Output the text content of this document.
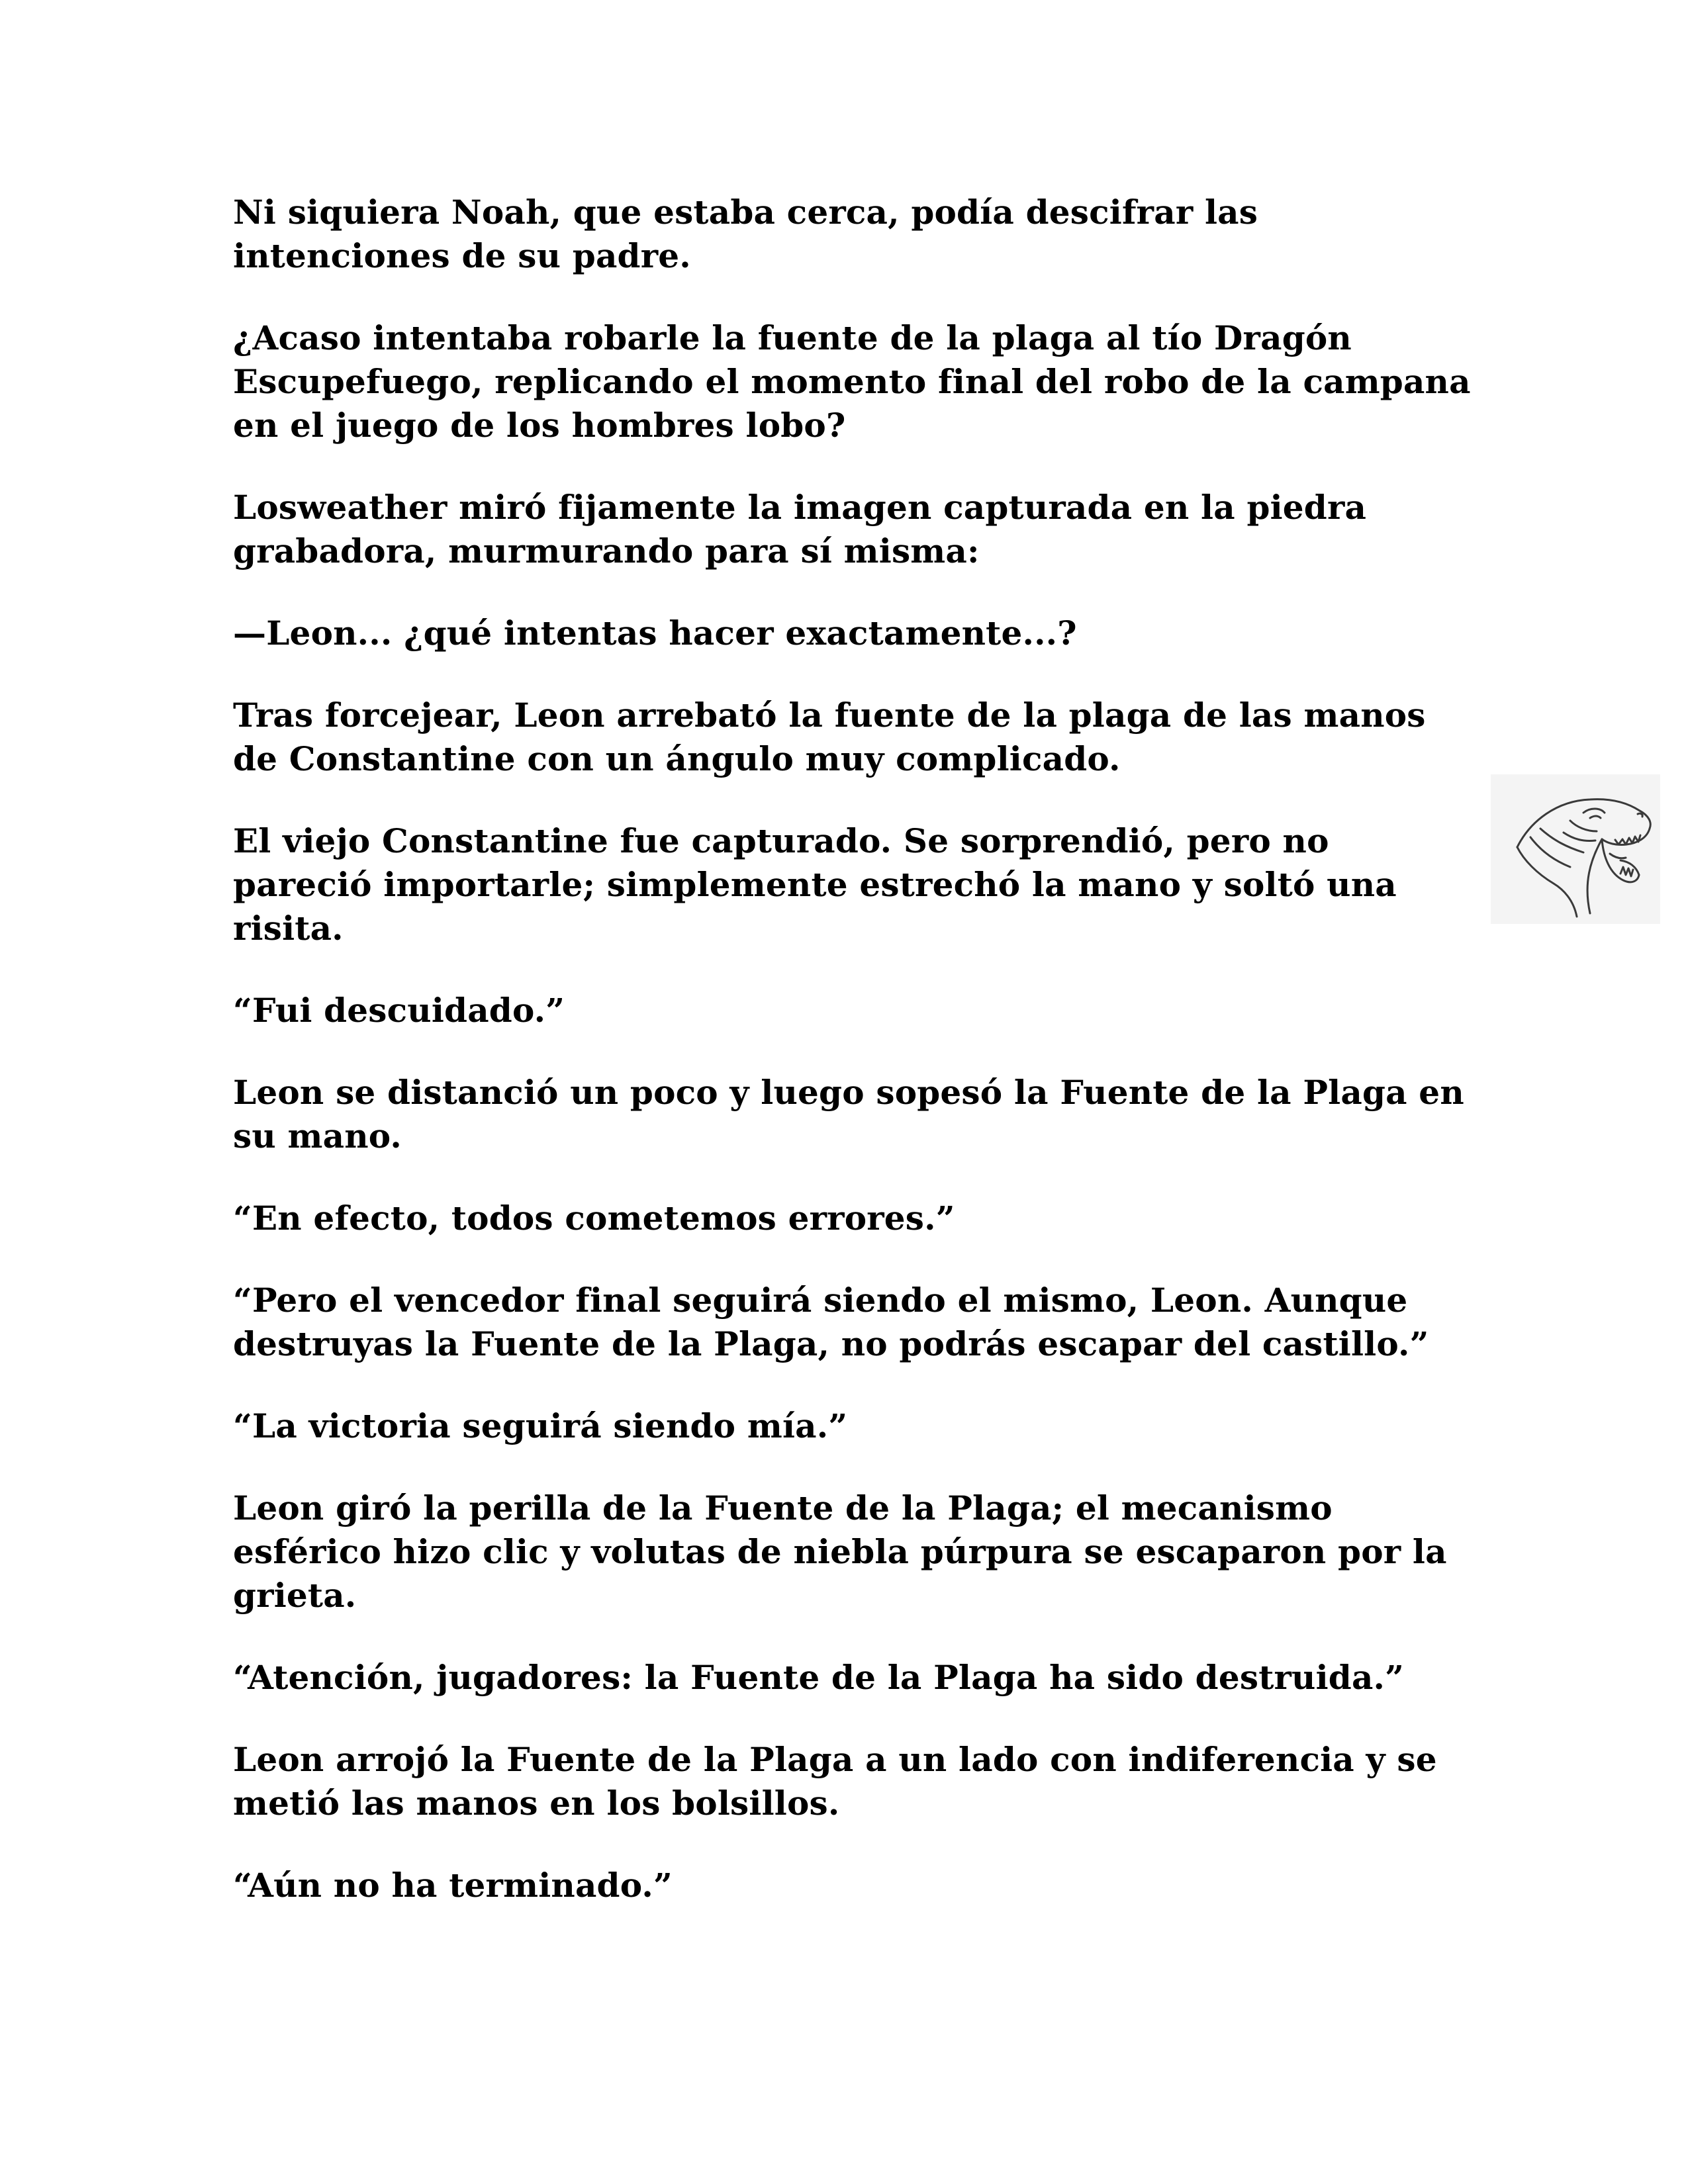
Ni siquiera Noah, que estaba cerca, podía descifrar las intenciones de su padre.

¿Acaso intentaba robarle la fuente de la plaga al tío Dragón Escupefuego, replicando el momento final del robo de la campana en el juego de los hombres lobo?

Losweather miró fijamente la imagen capturada en la piedra grabadora, murmurando para sí misma:

—Leon... ¿qué intentas hacer exactamente...?

Tras forcejear, Leon arrebató la fuente de la plaga de las manos de Constantine con un ángulo muy complicado.

El viejo Constantine fue capturado. Se sorprendió, pero no pareció importarle; simplemente estrechó la mano y soltó una risita.

“Fui descuidado.”

Leon se distanció un poco y luego sopesó la Fuente de la Plaga en su mano.

“En efecto, todos cometemos errores.”

“Pero el vencedor final seguirá siendo el mismo, Leon. Aunque destruyas la Fuente de la Plaga, no podrás escapar del castillo.”

“La victoria seguirá siendo mía.”

Leon giró la perilla de la Fuente de la Plaga; el mecanismo esférico hizo clic y volutas de niebla púrpura se escaparon por la grieta.

“Atención, jugadores: la Fuente de la Plaga ha sido destruida.”

Leon arrojó la Fuente de la Plaga a un lado con indiferencia y se metió las manos en los bolsillos.

“Aún no ha terminado.”
